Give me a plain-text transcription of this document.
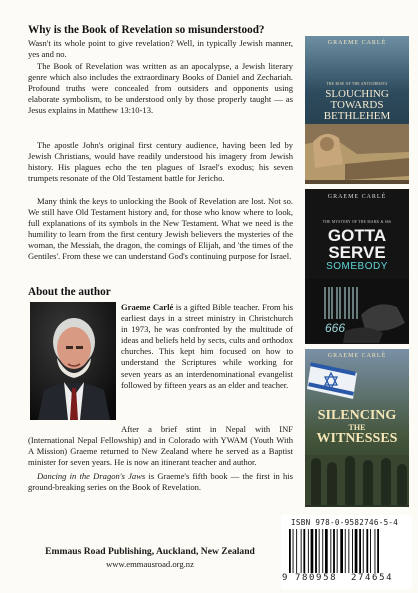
Why is the Book of Revelation so misunderstood?

Wasn't its whole point to give revelation? Well, in typically Jewish manner, yes and no.

The Book of Revelation was written as an apocalypse, a Jewish literary genre which also includes the extraordinary Books of Daniel and Zechariah. Profound truths were concealed from outsiders and opponents using elaborate symbolism, to be understood only by those properly taught — as Jesus explains in Matthew 13:10-13.

The apostle John's original first century audience, having been led by Jewish Christians, would have readily understood his imagery from Jewish history. His plagues echo the ten plagues of Israel's exodus; his seven trumpets resonate of the Old Testament battle for Jericho.

Many think the keys to unlocking the Book of Revelation are lost. Not so. We still have Old Testament history and, for those who know where to look, full explanations of its symbols in the New Testament. What we need is the humility to learn from the first century Jewish believers the mysteries of the woman, the Messiah, the dragon, the comings of Elijah, and 'the times of the Gentiles'. From these we can understand God's continuing purpose for Israel.

About the author

Graeme Carlé is a gifted Bible teacher. From his earliest days in a street ministry in Christchurch in 1973, he was confronted by the multitude of ideas and beliefs held by sects, cults and orthodox churches. This kept him focused on how to understand the Scriptures while working for seven years as an interdenominational evangelist followed by fifteen years as an elder and teacher.

After a brief stint in Nepal with INF (International Nepal Fellowship) and in Colorado with YWAM (Youth With A Mission) Graeme returned to New Zealand where he served as a Baptist minister for seven years. He is now an itinerant teacher and author.

Dancing in the Dragon's Jaws is Graeme's fifth book — the first in his ground-breaking series on the Book of Revelation.

GRAEME CARLÉ
THE RISE OF THE ANTICHRISTS
SLOUCHING
TOWARDS
BETHLEHEM
GRAEME CARLÉ
THE MYSTERY OF THE MARK & 666
GOTTA
SERVE
SOMEBODY
666
GRAEME CARLÉ
SILENCING
THE
WITNESSES
Emmaus Road Publishing, Auckland, New Zealand
www.emmausroad.org.nz
ISBN 978-0-9582746-5-4
9 780958 274654
